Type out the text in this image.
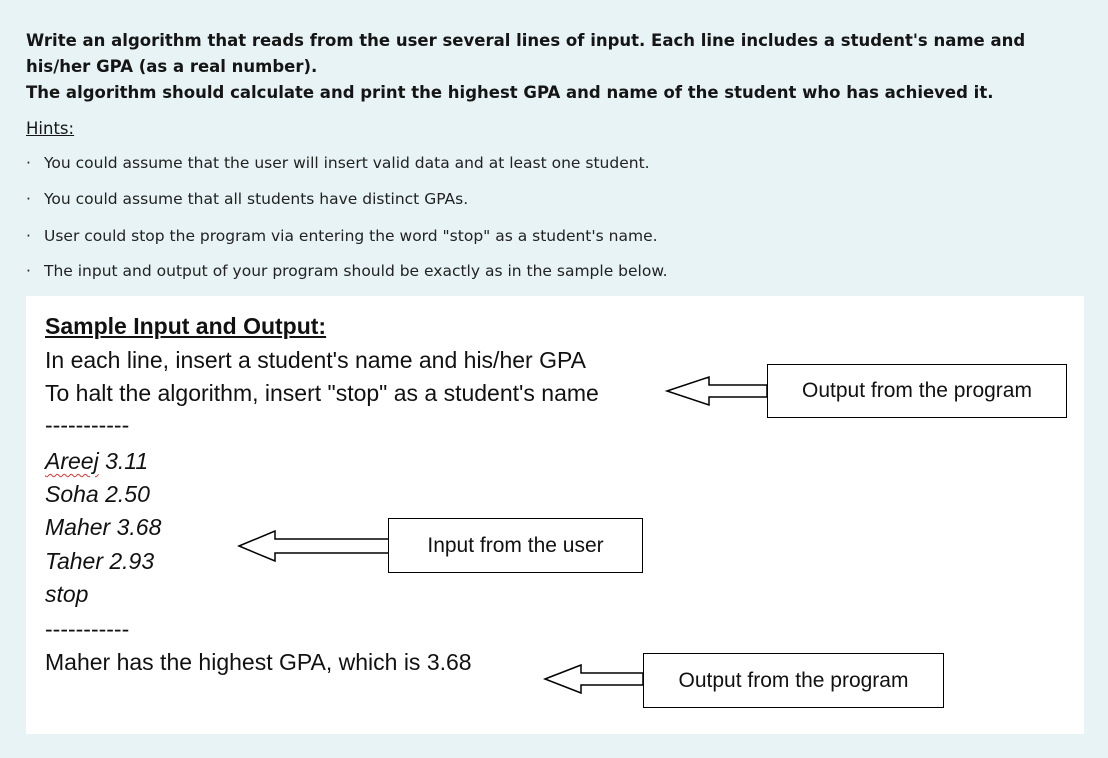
Write an algorithm that reads from the user several lines of input. Each line includes a student's name and his/her GPA (as a real number).

The algorithm should calculate and print the highest GPA and name of the student who has achieved it.

Hints:
· You could assume that the user will insert valid data and at least one student.
· You could assume that all students have distinct GPAs.
· User could stop the program via entering the word "stop" as a student's name.
· The input and output of your program should be exactly as in the sample below.
Sample Input and Output:
In each line, insert a student's name and his/her GPA
To halt the algorithm, insert "stop" as a student's name
-----------
Areej 3.11
Soha 2.50
Maher 3.68
Taher 2.93
stop
-----------
Maher has the highest GPA, which is 3.68
Output from the program
Input from the user
Output from the program
